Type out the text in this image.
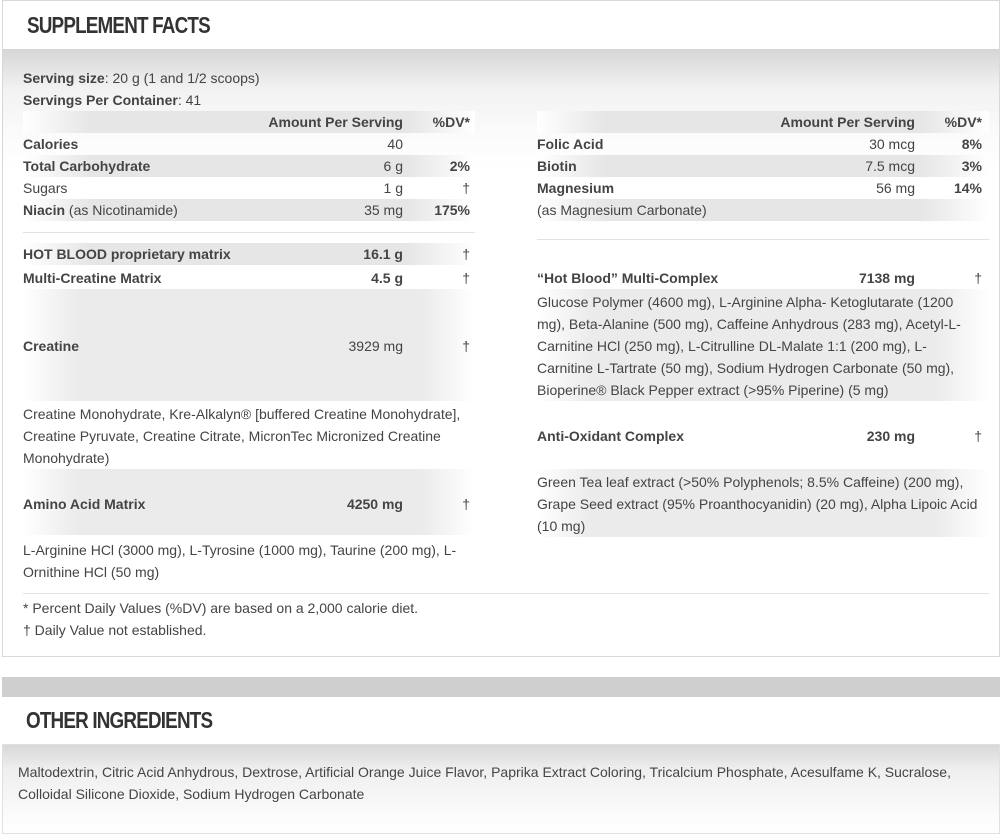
SUPPLEMENT FACTS
Serving size: 20 g (1 and 1/2 scoops)
Servings Per Container: 41
Amount Per Serving	%DV*	Amount Per Serving	%DV*
Calories	40
Total Carbohydrate	6 g	2%
Sugars	1 g	†
Niacin (as Nicotinamide)	35 mg	175%
Folic Acid	30 mcg	8%
Biotin	7.5 mcg	3%
Magnesium	56 mg	14%
(as Magnesium Carbonate)
HOT BLOOD proprietary matrix	16.1 g	†
Multi-Creatine Matrix	4.5 g	†
Creatine	3929 mg	†
Creatine Monohydrate, Kre-Alkalyn® [buffered Creatine Monohydrate], Creatine Pyruvate, Creatine Citrate, MicronTec Micronized Creatine Monohydrate)
Amino Acid Matrix	4250 mg	†
L-Arginine HCl (3000 mg), L-Tyrosine (1000 mg), Taurine (200 mg), L-Ornithine HCl (50 mg)
“Hot Blood” Multi-Complex	7138 mg	†
Glucose Polymer (4600 mg), L-Arginine Alpha- Ketoglutarate (1200 mg), Beta-Alanine (500 mg), Caffeine Anhydrous (283 mg), Acetyl-L-Carnitine HCl (250 mg), L-Citrulline DL-Malate 1:1 (200 mg), L-Carnitine L-Tartrate (50 mg), Sodium Hydrogen Carbonate (50 mg), Bioperine® Black Pepper extract (>95% Piperine) (5 mg)
Anti-Oxidant Complex	230 mg	†
Green Tea leaf extract (>50% Polyphenols; 8.5% Caffeine) (200 mg), Grape Seed extract (95% Proanthocyanidin) (20 mg), Alpha Lipoic Acid (10 mg)
* Percent Daily Values (%DV) are based on a 2,000 calorie diet.
† Daily Value not established.
OTHER INGREDIENTS
Maltodextrin, Citric Acid Anhydrous, Dextrose, Artificial Orange Juice Flavor, Paprika Extract Coloring, Tricalcium Phosphate, Acesulfame K, Sucralose, Colloidal Silicone Dioxide, Sodium Hydrogen Carbonate
